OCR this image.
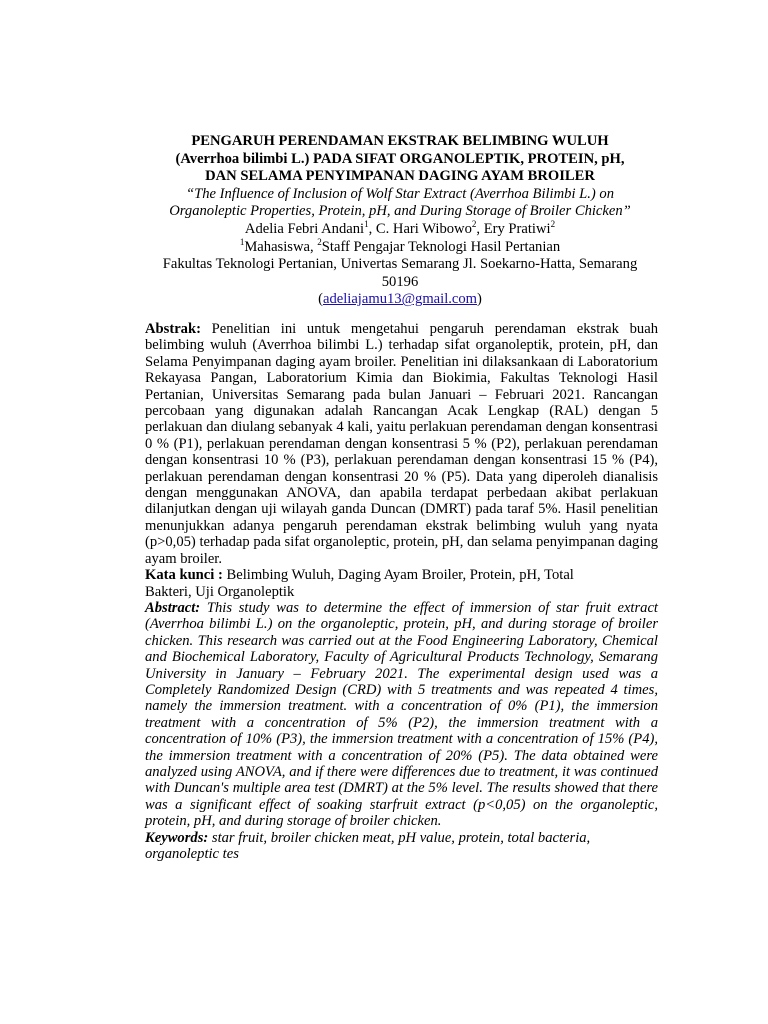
PENGARUH PERENDAMAN EKSTRAK BELIMBING WULUH
(Averrhoa bilimbi L.) PADA SIFAT ORGANOLEPTIK, PROTEIN, pH,
DAN SELAMA PENYIMPANAN DAGING AYAM BROILER
“The Influence of Inclusion of Wolf Star Extract (Averrhoa Bilimbi L.) on
Organoleptic Properties, Protein, pH, and During Storage of Broiler Chicken”
Adelia Febri Andani$^1$, C. Hari Wibowo$^2$, Ery Pratiwi$^2$
$^1$Mahasiswa, $^2$Staff Pengajar Teknologi Hasil Pertanian
Fakultas Teknologi Pertanian, Univertas Semarang Jl. Soekarno-Hatta, Semarang
50196
(adeliajamu13@gmail.com)

Abstrak: Penelitian ini untuk mengetahui pengaruh perendaman ekstrak buah belimbing wuluh (Averrhoa bilimbi L.) terhadap sifat organoleptik, protein, pH, dan Selama Penyimpanan daging ayam broiler. Penelitian ini dilaksankaan di Laboratorium Rekayasa Pangan, Laboratorium Kimia dan Biokimia, Fakultas Teknologi Hasil Pertanian, Universitas Semarang pada bulan Januari – Februari 2021. Rancangan percobaan yang digunakan adalah Rancangan Acak Lengkap (RAL) dengan 5 perlakuan dan diulang sebanyak 4 kali, yaitu perlakuan perendaman dengan konsentrasi 0 % (P1), perlakuan perendaman dengan konsentrasi 5 % (P2), perlakuan perendaman dengan konsentrasi 10 % (P3), perlakuan perendaman dengan konsentrasi 15 % (P4), perlakuan perendaman dengan konsentrasi 20 % (P5). Data yang diperoleh dianalisis dengan menggunakan ANOVA, dan apabila terdapat perbedaan akibat perlakuan dilanjutkan dengan uji wilayah ganda Duncan (DMRT) pada taraf 5%. Hasil penelitian menunjukkan adanya pengaruh perendaman ekstrak belimbing wuluh yang nyata (p>0,05) terhadap pada sifat organoleptic, protein, pH, dan selama penyimpanan daging ayam broiler.

Kata kunci : Belimbing Wuluh, Daging Ayam Broiler, Protein, pH, Total
Bakteri, Uji Organoleptik

Abstract: This study was to determine the effect of immersion of star fruit extract (Averrhoa bilimbi L.) on the organoleptic, protein, pH, and during storage of broiler chicken. This research was carried out at the Food Engineering Laboratory, Chemical and Biochemical Laboratory, Faculty of Agricultural Products Technology, Semarang University in January – February 2021. The experimental design used was a Completely Randomized Design (CRD) with 5 treatments and was repeated 4 times, namely the immersion treatment. with a concentration of 0% (P1), the immersion treatment with a concentration of 5% (P2), the immersion treatment with a concentration of 10% (P3), the immersion treatment with a concentration of 15% (P4), the immersion treatment with a concentration of 20% (P5). The data obtained were analyzed using ANOVA, and if there were differences due to treatment, it was continued with Duncan's multiple area test (DMRT) at the 5% level. The results showed that there was a significant effect of soaking starfruit extract (p<0,05) on the organoleptic, protein, pH, and during storage of broiler chicken.

Keywords: star fruit, broiler chicken meat, pH value, protein, total bacteria,
organoleptic tes
